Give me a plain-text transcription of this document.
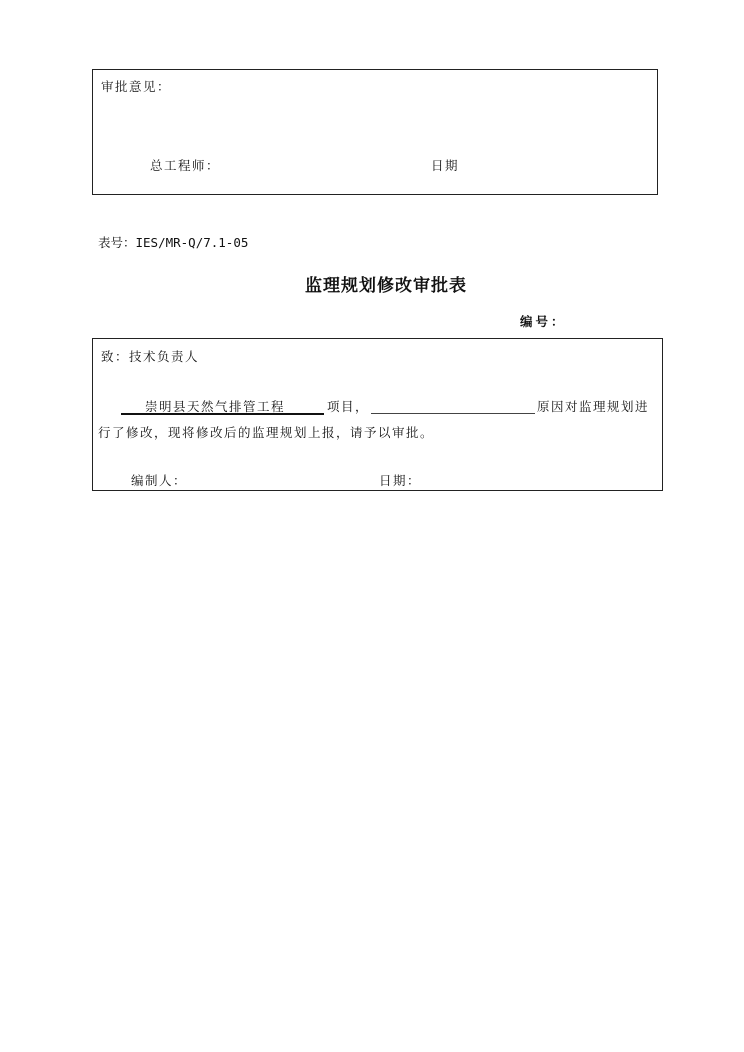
审批意见：
总工程师：	日期
表号：IES/MR-Q/7.1-05
监理规划修改审批表
编号：
致：技术负责人
崇明县天然气排管工程	项目，	原因对监理规划进
行了修改，现将修改后的监理规划上报，请予以审批。
编制人：	日期：
